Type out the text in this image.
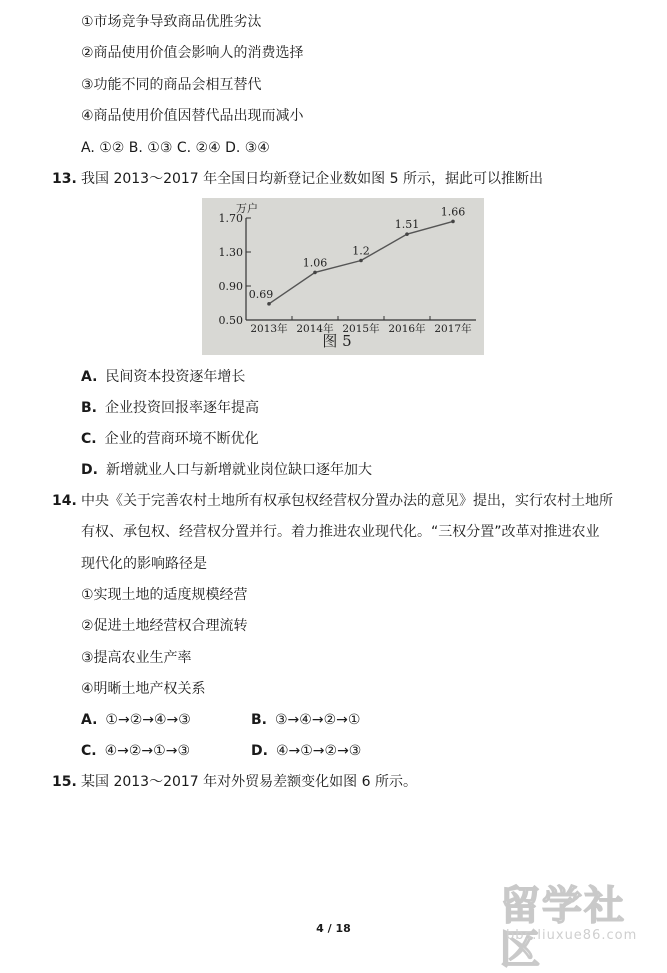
①市场竞争导致商品优胜劣汰
②商品使用价值会影响人的消费选择
③功能不同的商品会相互替代
④商品使用价值因替代品出现而减小
A. ①② B. ①③ C. ②④ D. ③④
13. 我国 2013～2017 年全国日均新登记企业数如图 5 所示，据此可以推断出
万户
图 5
0.50
0.90
1.30
1.70
2013年 2014年 2015年 2016年 2017年
0.69
1.06
1.2
1.51
1.66
A. 民间资本投资逐年增长
B. 企业投资回报率逐年提高
C. 企业的营商环境不断优化
D. 新增就业人口与新增就业岗位缺口逐年加大
14. 中央《关于完善农村土地所有权承包权经营权分置办法的意见》提出，实行农村土地所
有权、承包权、经营权分置并行。着力推进农业现代化。“三权分置”改革对推进农业
现代化的影响路径是
①实现土地的适度规模经营
②促进土地经营权合理流转
③提高农业生产率
④明晰土地产权关系
A. ①→②→④→③	B. ③→④→②→①
C. ④→②→①→③	D. ④→①→②→③
15. 某国 2013～2017 年对外贸易差额变化如图 6 所示。
4 / 18	留学社区
bbs.liuxue86.com
